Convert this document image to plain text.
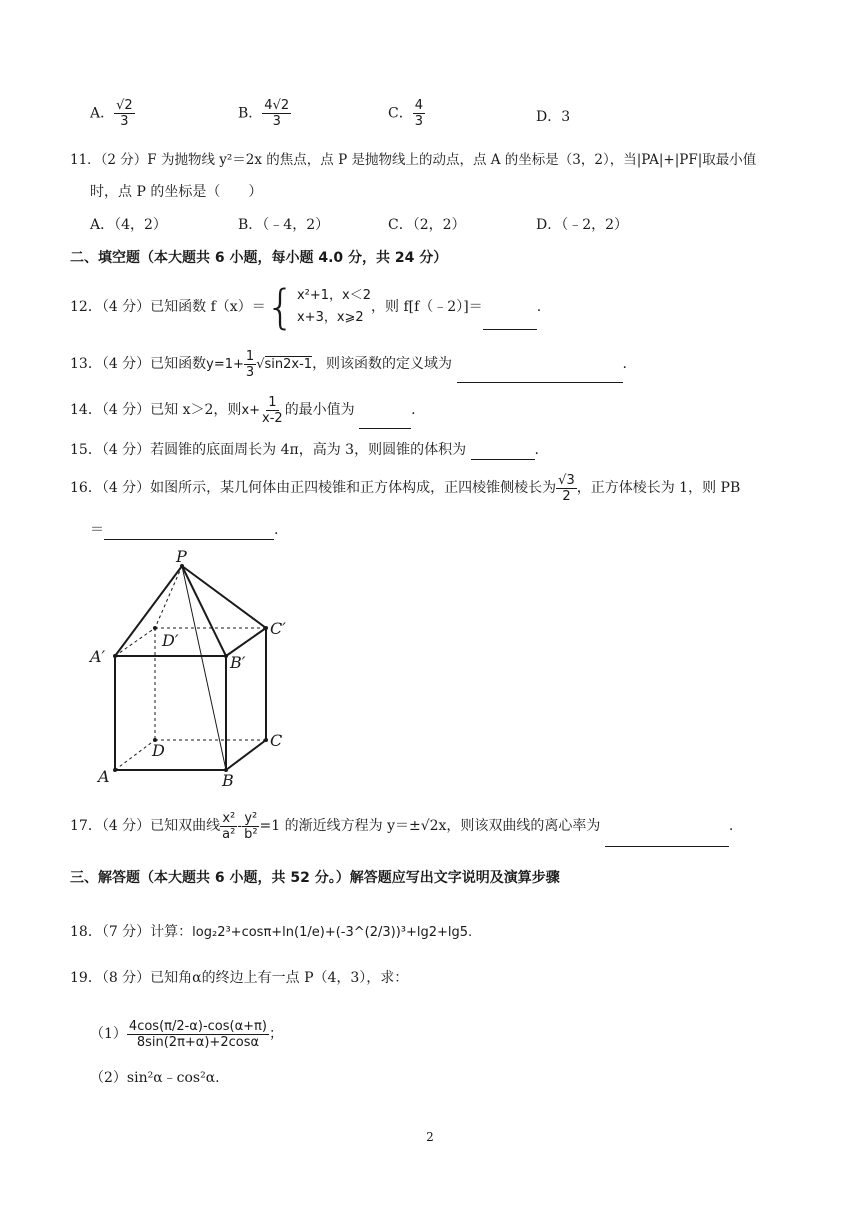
A． $\frac{√2}{3}$	B． $\frac{4√2}{3}$	C． $\frac{4}{3}$	D．3
11．（2 分）F 为抛物线 y²＝2x 的焦点，点 P 是抛物线上的动点，点 A 的坐标是（3，2），当|PA|+|PF|取最小值
时，点 P 的坐标是（　　）
A．（4，2）	B．（﹣4，2）	C．（2，2）	D．（﹣2，2）
二、填空题（本大题共 6 小题，每小题 4.0 分，共 24 分）
12．（4 分）已知函数 f（x）＝ { x²+1，x＜2
x+3，x⩾2
，则 f[f（﹣2）]＝	.
13．（4 分）已知函数$y=1+ \frac{1}{3} √\sin 2x-1$，则该函数的定义域为	.
14．（4 分）已知 x＞2，则$x+ \frac{1}{x-2}$ 的最小值为	.
15．（4 分）若圆锥的底面周长为 4π，高为 3，则圆锥的体积为	.
16．（4 分）如图所示，某几何体由正四棱锥和正方体构成，正四棱锥侧棱长为 $\frac{√3}{2}$ ，正方体棱长为 1，则 PB
＝	.
P
A′	B′
C′
D′
A	B
C
D
17．（4 分）已知双曲线 $\frac{\text{x²}}{\text{a²}} - \frac{\text{y²}}{\text{b²}} =1$ 的渐近线方程为 y＝±√2x，则该双曲线的离心率为	.
三、解答题（本大题共 6 小题，共 52 分。）解答题应写出文字说明及演算步骤
18．（7 分）计算：log₂2³+cosπ+ln(1/e)+(-3^(2/3))³+lg2+lg5.
19．（8 分）已知角α的终边上有一点 P（4，3），求：
$(1) \frac{4\cos(\pi/2-\alpha)-\cos(\alpha+\pi)}{8\sin(2\pi+\alpha)+2\cos\alpha}$ ；
（2）sin²α﹣cos²α.
2
